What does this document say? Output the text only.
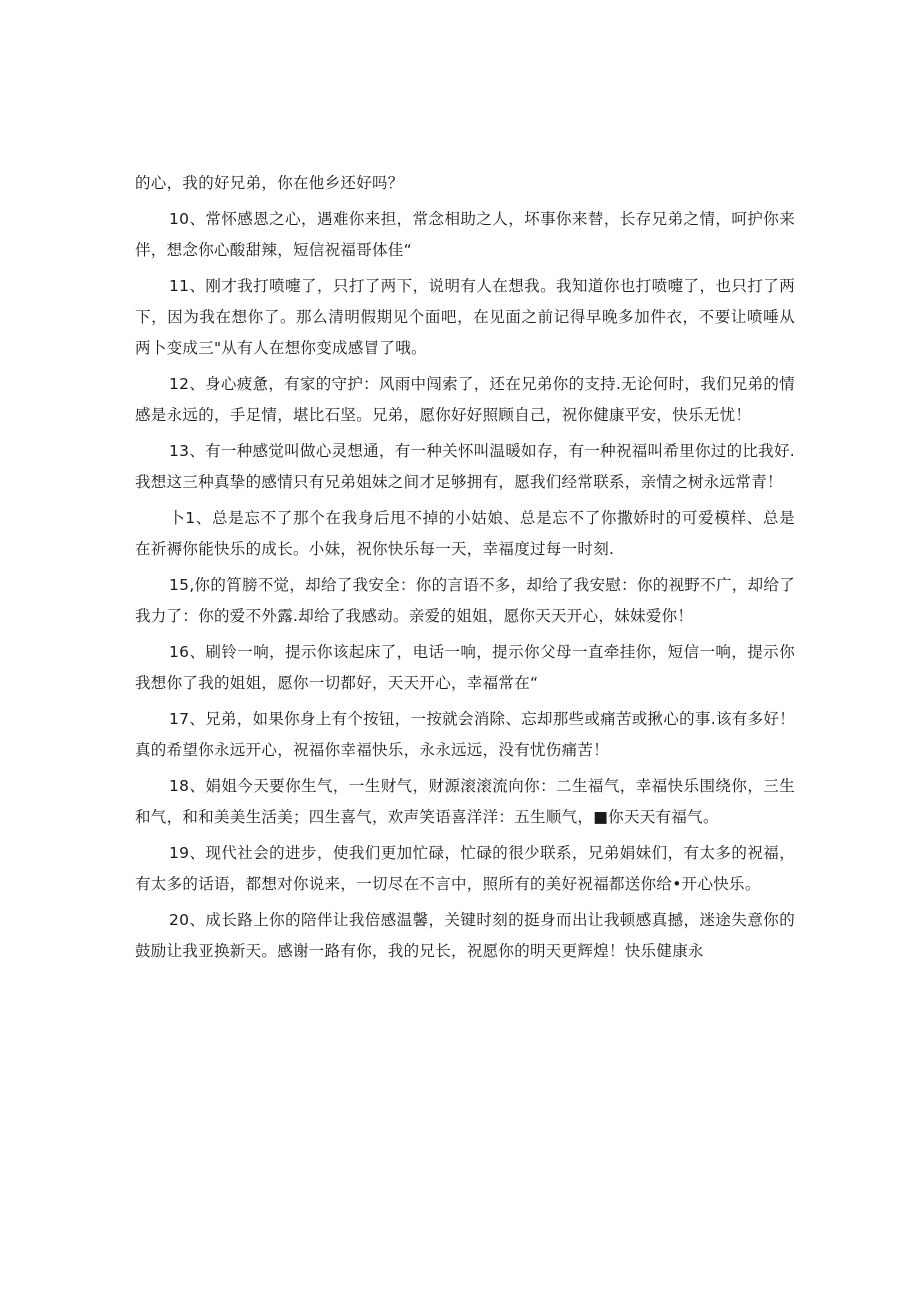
的心，我的好兄弟，你在他乡还好吗？

10、常怀感恩之心，遇难你来担，常念相助之人，坏事你来替，长存兄弟之情，呵护你来伴，想念你心酸甜辣，短信祝福哥体佳“

11、刚才我打喷嚏了，只打了两下，说明有人在想我。我知道你也打喷嚏了，也只打了两下，因为我在想你了。那么清明假期见个面吧，在见面之前记得早晚多加件衣，不要让喷唾从两卜变成三"从有人在想你变成感冒了哦。

12、身心疲惫，有家的守护：风雨中闯索了，还在兄弟你的支持.无论何时，我们兄弟的情感是永远的，手足情，堪比石坚。兄弟，愿你好好照顾自己，祝你健康平安，快乐无忧！

13、有一种感觉叫做心灵想通，有一种关怀叫温暖如存，有一种祝福叫希里你过的比我好.我想这三种真挚的感情只有兄弟姐妹之间才足够拥有，愿我们经常联系，亲情之树永远常青！

卜1、总是忘不了那个在我身后甩不掉的小姑娘、总是忘不了你撒娇时的可爱模样、总是在祈褥你能快乐的成长。小妹，祝你快乐每一天，幸福度过每一时刻.

15,你的筲膀不觉，却给了我安全：你的言语不多，却给了我安慰：你的视野不广，却给了我力了：你的爱不外露.却给了我感动。亲爱的姐姐，愿你天天开心，妹妹爱你！

16、刷铃一响，提示你该起床了，电话一响，提示你父母一直牵挂你，短信一响，提示你我想你了我的姐姐，愿你一切都好，天天开心，幸福常在“

17、兄弟，如果你身上有个按钮，一按就会消除、忘却那些或痛苦或揪心的事.该有多好！真的希望你永远开心，祝福你幸福快乐，永永远远，没有忧伤痛苦！

18、娟姐今天要你生气，一生财气，财源滚滚流向你：二生福气，幸福快乐围绕你，三生和气，和和美美生活美；四生喜气，欢声笑语喜洋洋：五生顺气，■你天天有福气。

19、现代社会的进步，使我们更加忙碌，忙碌的很少联系，兄弟娟妹们，有太多的祝福，有太多的话语，都想对你说来，一切尽在不言中，照所有的美好祝福都送你给•开心快乐。

20、成长路上你的陪伴让我倍感温馨，关键时刻的挺身而出让我顿感真撼，迷途失意你的鼓励让我亚换新天。感谢一路有你，我的兄长，祝愿你的明天更辉煌！快乐健康永
